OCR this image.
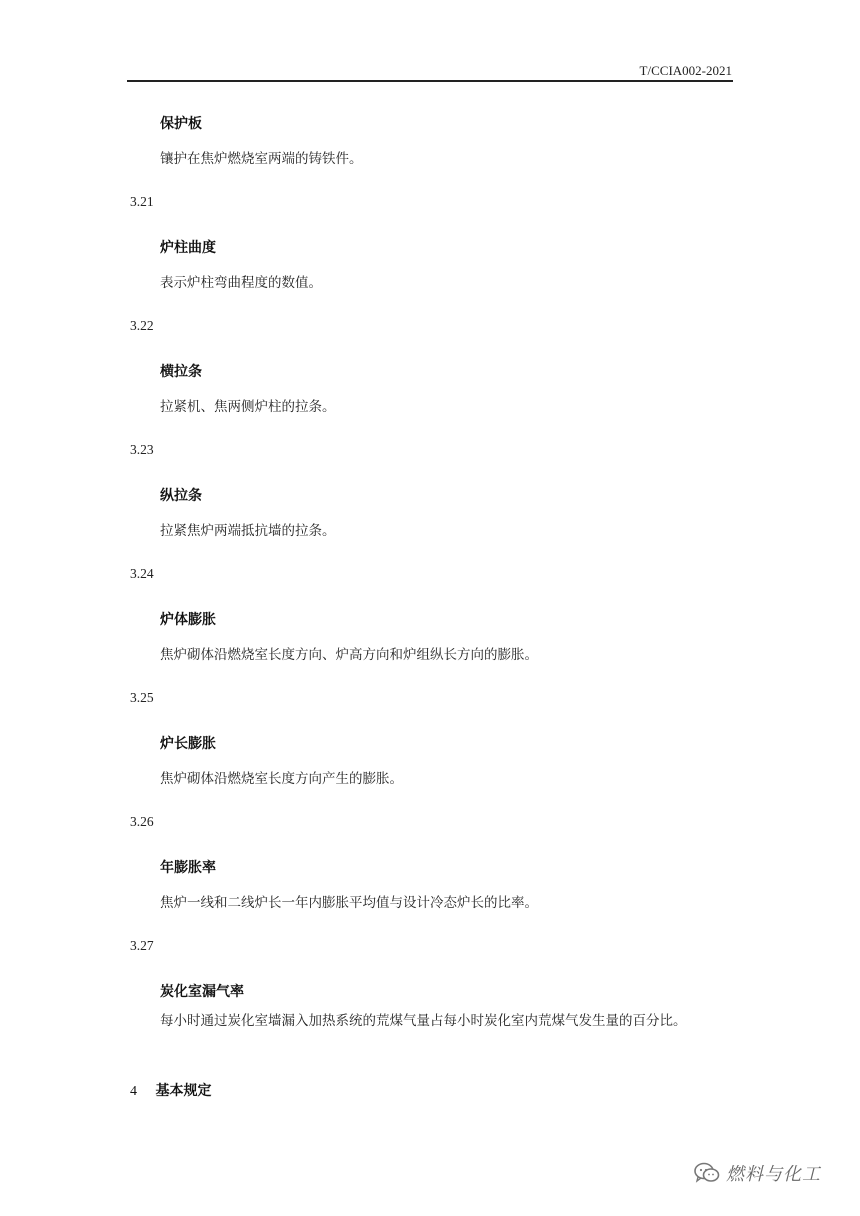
T/CCIA002-2021
保护板
镶护在焦炉燃烧室两端的铸铁件。
3.21
炉柱曲度
表示炉柱弯曲程度的数值。
3.22
横拉条
拉紧机、焦两侧炉柱的拉条。
3.23
纵拉条
拉紧焦炉两端抵抗墙的拉条。
3.24
炉体膨胀
焦炉砌体沿燃烧室长度方向、炉高方向和炉组纵长方向的膨胀。
3.25
炉长膨胀
焦炉砌体沿燃烧室长度方向产生的膨胀。
3.26
年膨胀率
焦炉一线和二线炉长一年内膨胀平均值与设计冷态炉长的比率。
3.27
炭化室漏气率
每小时通过炭化室墙漏入加热系统的荒煤气量占每小时炭化室内荒煤气发生量的百分比。
4 基本规定
燃料与化工
